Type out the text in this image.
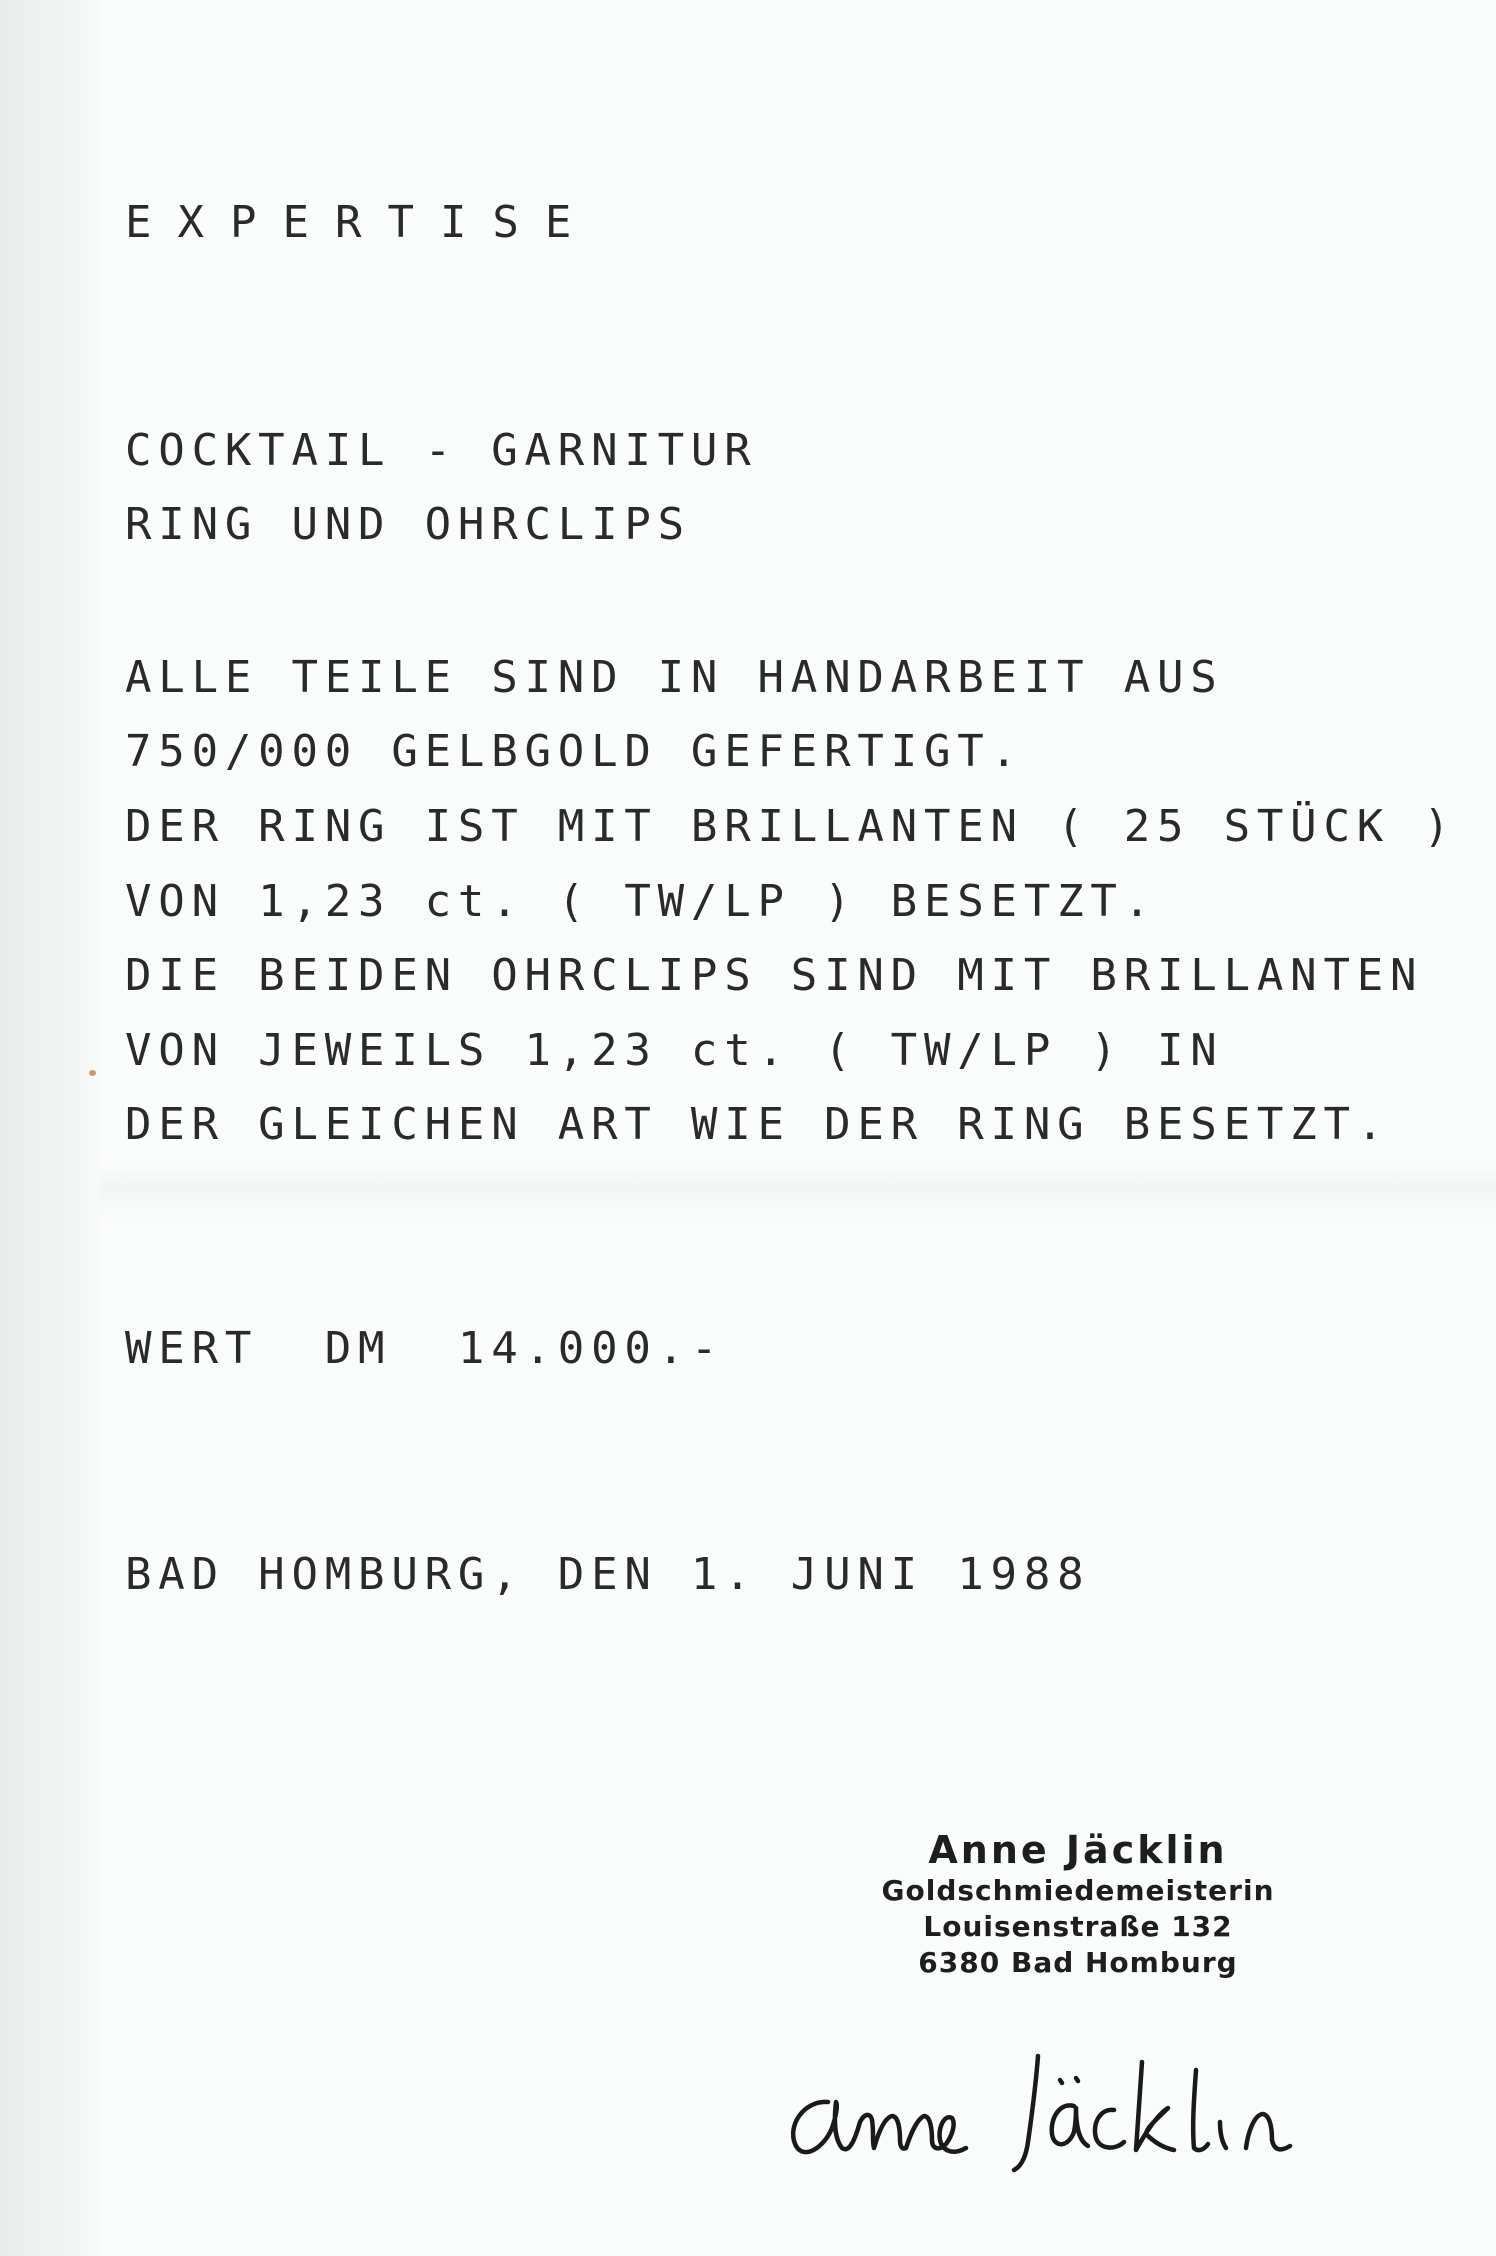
EXPERTISE

COCKTAIL - GARNITUR

RING UND OHRCLIPS

ALLE TEILE SIND IN HANDARBEIT AUS

750/000 GELBGOLD GEFERTIGT.

DER RING IST MIT BRILLANTEN ( 25 STÜCK )

VON 1,23 ct. ( TW/LP ) BESETZT.

DIE BEIDEN OHRCLIPS SIND MIT BRILLANTEN

VON JEWEILS 1,23 ct. ( TW/LP ) IN

DER GLEICHEN ART WIE DER RING BESETZT.

WERT  DM  14.000.-

BAD HOMBURG, DEN 1. JUNI 1988

Anne Jäcklin
Goldschmiedemeisterin
Louisenstraße 132
6380 Bad Homburg
